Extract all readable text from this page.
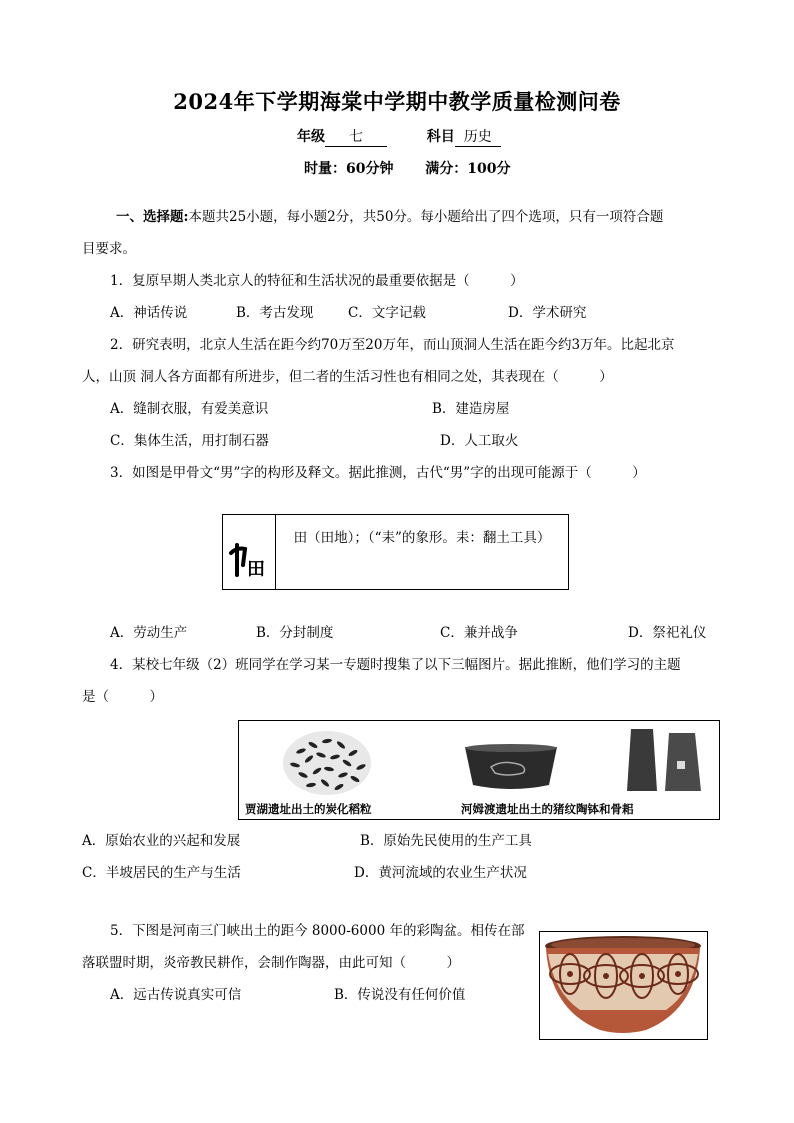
2024年下学期海棠中学期中教学质量检测问卷
年级 七	科目 历史
时量：60分钟 满分：100分
一、选择题:本题共25小题，每小题2分，共50分。每小题给出了四个选项，只有一项符合题
目要求。
1．复原早期人类北京人的特征和生活状况的最重要依据是（　　　）
A．神话传说	B．考古发现	C．文字记载	D．学术研究
2．研究表明，北京人生活在距今约70万至20万年，而山顶洞人生活在距今约3万年。比起北京
人，山顶 洞人各方面都有所进步，但二者的生活习性也有相同之处，其表现在（　　　）
A．缝制衣服，有爱美意识	B．建造房屋
C．集体生活，用打制石器	D．人工取火
3．如图是甲骨文“男”字的构形及释文。据此推测，古代“男”字的出现可能源于（　　　）
田
田（田地）；（“耒”的象形。耒：翻土工具）
A．劳动生产	B．分封制度	C．兼并战争	D．祭祀礼仪
4．某校七年级（2）班同学在学习某一专题时搜集了以下三幅图片。据此推断，他们学习的主题
是（　　　）
贾湖遗址出土的炭化稻粒	河姆渡遗址出土的猪纹陶钵和骨耜
A．原始农业的兴起和发展	B．原始先民使用的生产工具
C．半坡居民的生产与生活	D．黄河流域的农业生产状况
5．下图是河南三门峡出土的距今 8000-6000 年的彩陶盆。相传在部
落联盟时期，炎帝教民耕作，会制作陶器，由此可知（　　　）
A．远古传说真实可信	B．传说没有任何价值
